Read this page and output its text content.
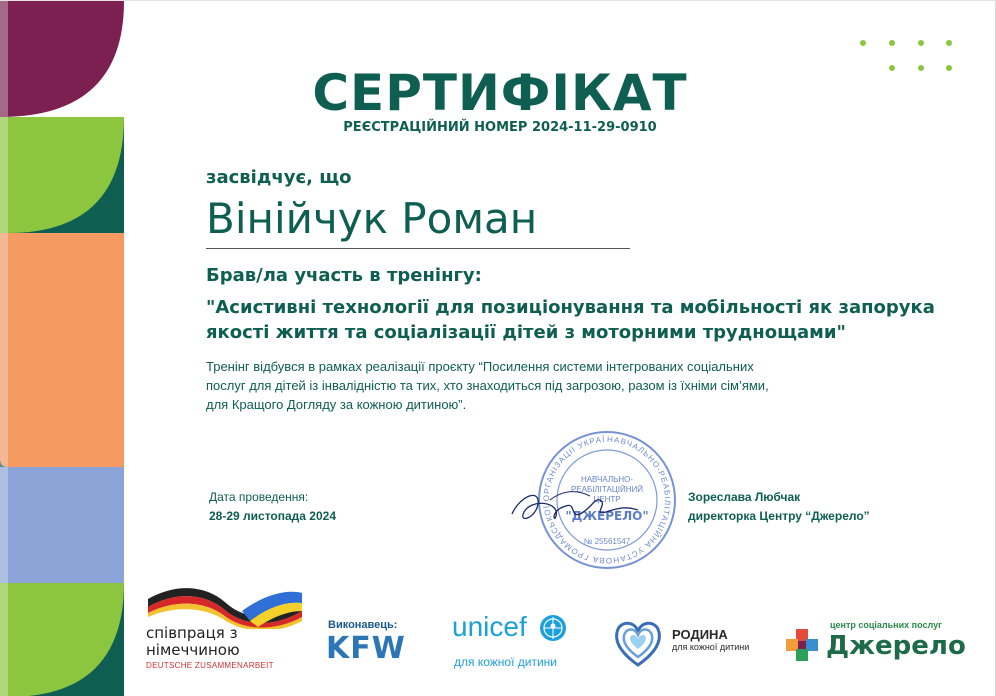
СЕРТИФІКАТ
РЕЄСТРАЦІЙНИЙ НОМЕР 2024-11-29-0910
засвідчує, що
Вінійчук Роман
Брав/ла участь в тренінгу:
"Асистивні технології для позиціонування та мобільності як запорука якості життя та соціалізації дітей з моторними труднощами"
Тренінг відбувся в рамках реалізації проєкту “Посилення системи інтегрованих соціальних послуг для дітей із інвалідністю та тих, хто знаходиться під загрозою, разом із їхніми сім’ями, для Кращого Догляду за кожною дитиною”.
Дата проведення:
28-29 листопада 2024
НАВЧАЛЬНО-РЕАБІЛІТАЦІЙНА УСТАНОВА ГРОМАДСЬКОЇ ОРГАНІЗАЦІЇ УКРАЇ
НАВЧАЛЬНО-
РЕАБІЛІТАЦІЙНИЙ
ЦЕНТР
"ДЖЕРЕЛО"
№ 25561547
Зореслава Любчак
директорка Центру “Джерело”
співпраця з
німеччиною
DEUTSCHE ZUSAMMENARBEIT
Виконавець:
KFW
unicef
для кожної дитини
РОДИНА
для кожної дитини
центр соціальних послуг
Джерело
